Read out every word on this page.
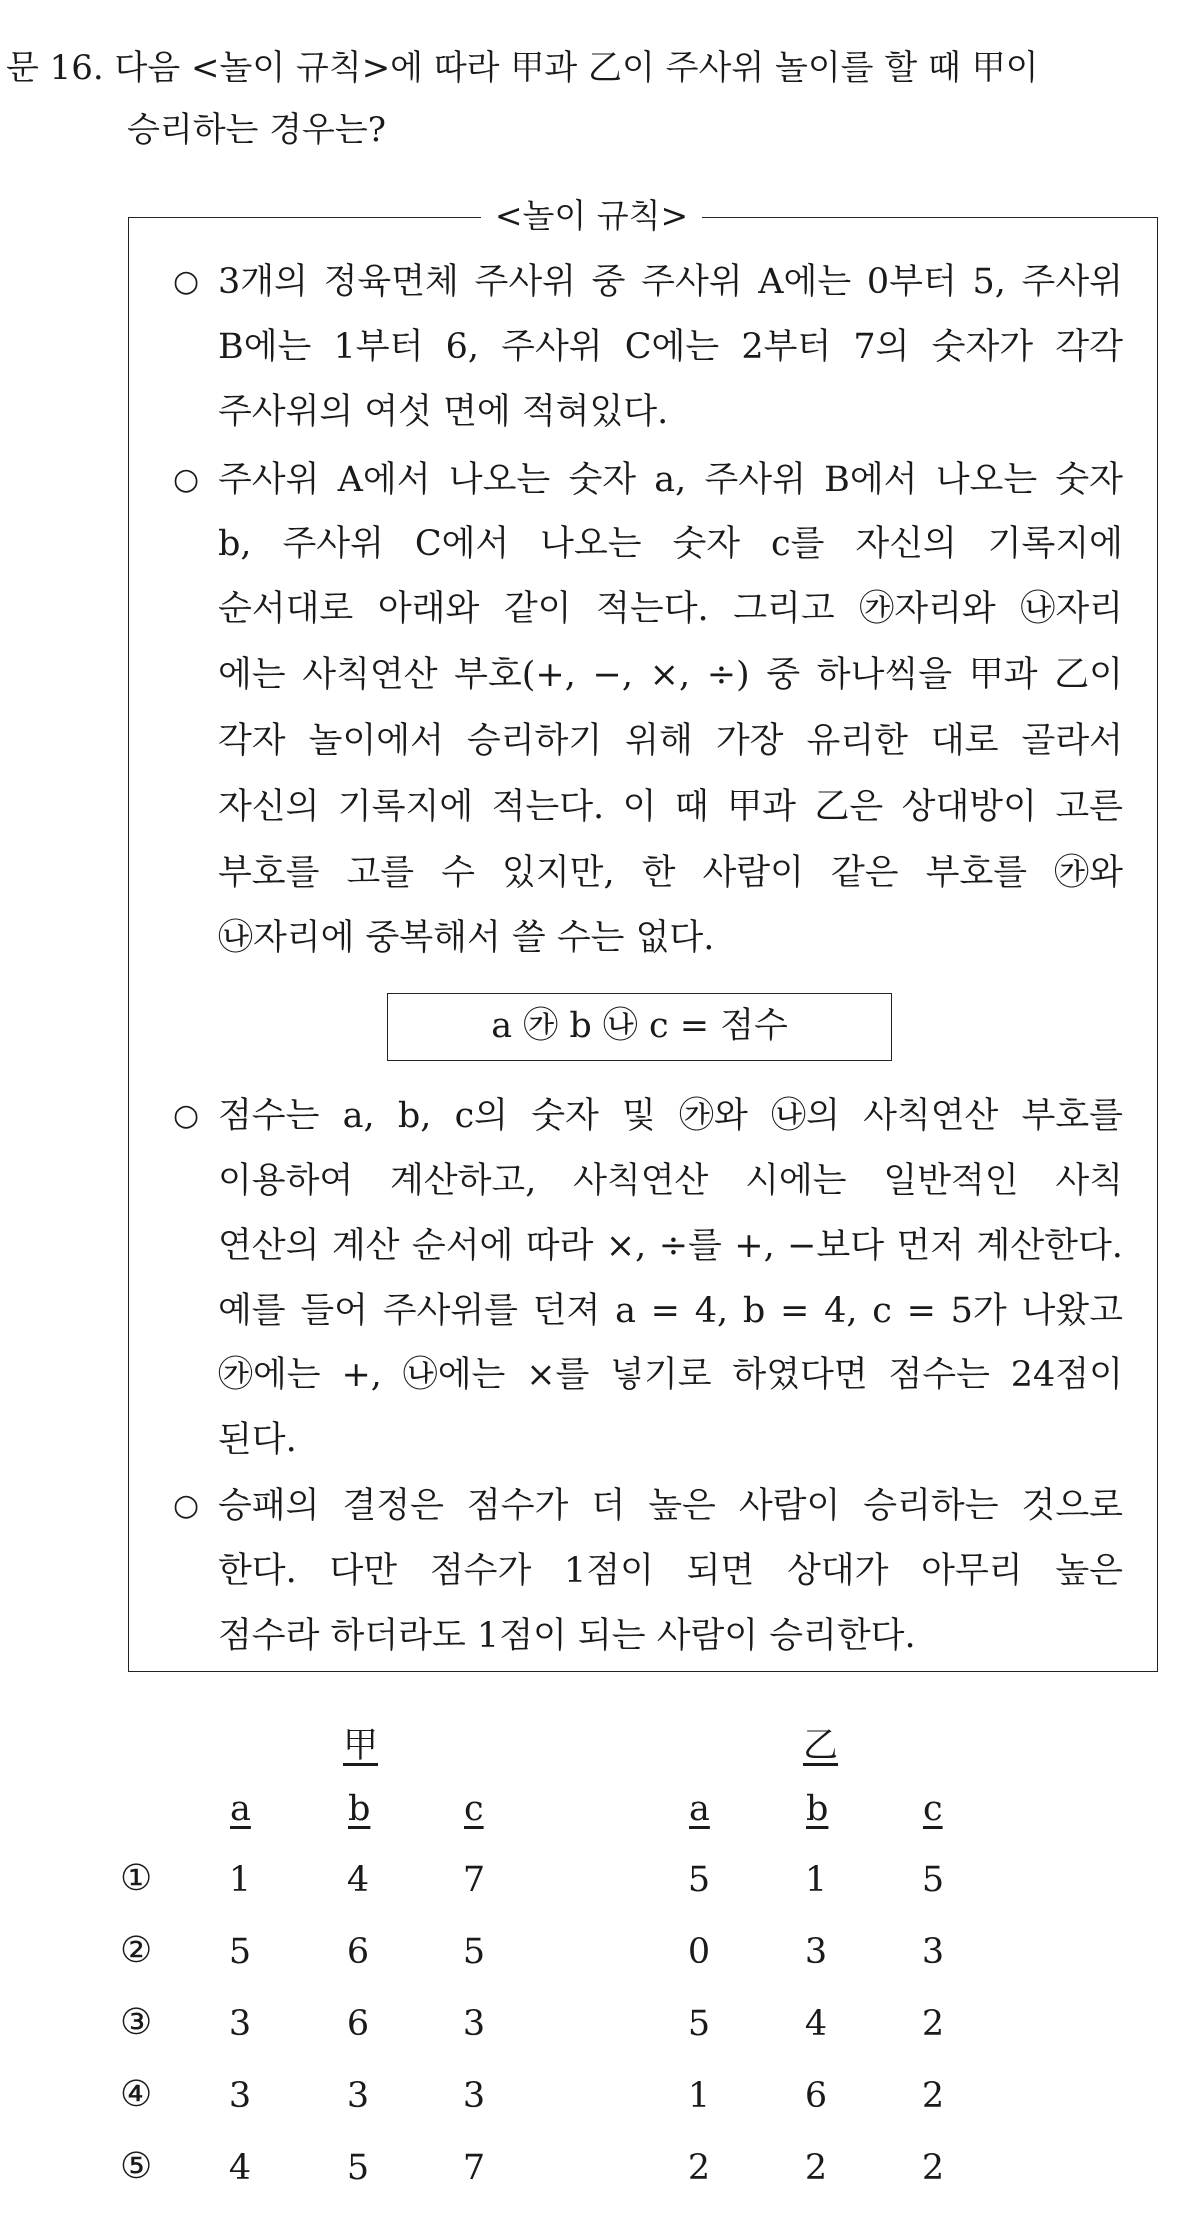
문 16. 다음 <놀이 규칙>에 따라 甲과 乙이 주사위 놀이를 할 때 甲이
승리하는 경우는?
<놀이 규칙>
○
○
○
○
3개의 정육면체 주사위 중 주사위 A에는 0부터 5, 주사위
B에는 1부터 6, 주사위 C에는 2부터 7의 숫자가 각각
주사위의 여섯 면에 적혀있다.
주사위 A에서 나오는 숫자 a, 주사위 B에서 나오는 숫자
b, 주사위 C에서 나오는 숫자 c를 자신의 기록지에
순서대로 아래와 같이 적는다. 그리고 ㉮자리와 ㉯자리
에는 사칙연산 부호(+, −, ×, ÷) 중 하나씩을 甲과 乙이
각자 놀이에서 승리하기 위해 가장 유리한 대로 골라서
자신의 기록지에 적는다. 이 때 甲과 乙은 상대방이 고른
부호를 고를 수 있지만, 한 사람이 같은 부호를 ㉮와
㉯자리에 중복해서 쓸 수는 없다.
a ㉮ b ㉯ c = 점수
점수는 a, b, c의 숫자 및 ㉮와 ㉯의 사칙연산 부호를
이용하여 계산하고, 사칙연산 시에는 일반적인 사칙
연산의 계산 순서에 따라 ×, ÷를 +, −보다 먼저 계산한다.
예를 들어 주사위를 던져 a = 4, b = 4, c = 5가 나왔고
㉮에는 +, ㉯에는 ×를 넣기로 하였다면 점수는 24점이
된다.
승패의 결정은 점수가 더 높은 사람이 승리하는 것으로
한다. 다만 점수가 1점이 되면 상대가 아무리 높은
점수라 하더라도 1점이 되는 사람이 승리한다.
甲	乙
a	b	c	a	b	c
①	1	4	7	5	1	5
②	5	6	5	0	3	3
③	3	6	3	5	4	2
④	3	3	3	1	6	2
⑤	4	5	7	2	2	2
